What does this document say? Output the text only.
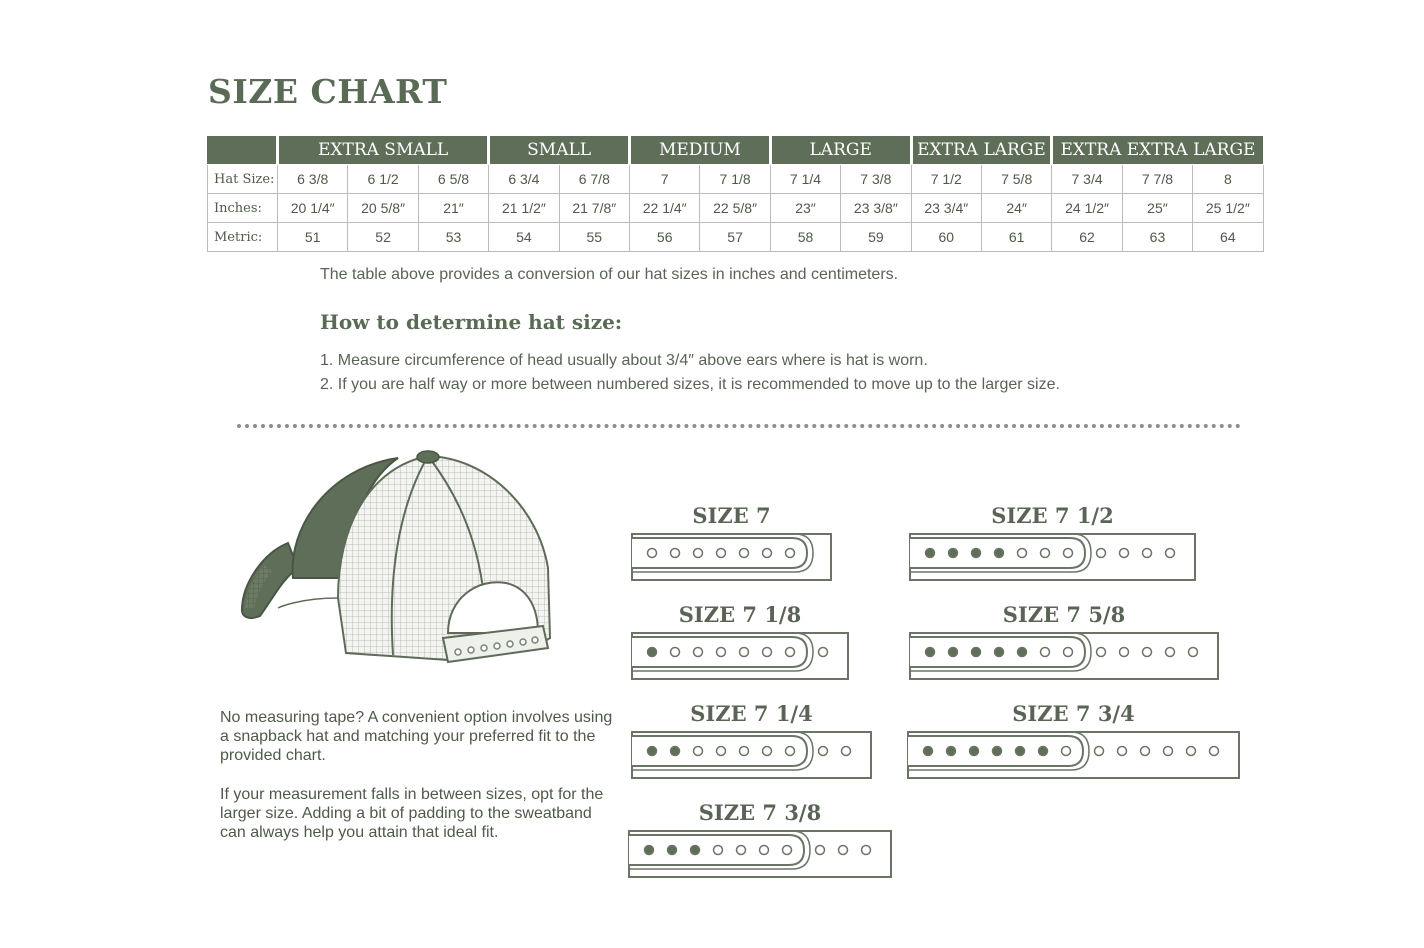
SIZE CHART
	EXTRA SMALL			SMALL		MEDIUM		LARGE		EXTRA LARGE		EXTRA EXTRA LARGE		
Hat Size:	6 3/8	6 1/2	6 5/8	6 3/4	6 7/8	7	7 1/8	7 1/4	7 3/8	7 1/2	7 5/8	7 3/4	7 7/8	8
Inches:	20 1/4″	20 5/8″	21″	21 1/2″	21 7/8″	22 1/4″	22 5/8″	23″	23 3/8″	23 3/4″	24″	24 1/2″	25″	25 1/2″
Metric:	51	52	53	54	55	56	57	58	59	60	61	62	63	64

The table above provides a conversion of our hat sizes in inches and centimeters.

How to determine hat size:
1. Measure circumference of head usually about 3/4″ above ears where is hat is worn.
2. If you are half way or more between numbered sizes, it is recommended to move up to the larger size.

No measuring tape? A convenient option involves using a snapback hat and matching your preferred fit to the provided chart.

If your measurement falls in between sizes, opt for the larger size. Adding a bit of padding to the sweatband can always help you attain that ideal fit.

SIZE 7
SIZE 7 1/8
SIZE 7 1/4
SIZE 7 3/8
SIZE 7 1/2
SIZE 7 5/8
SIZE 7 3/4
